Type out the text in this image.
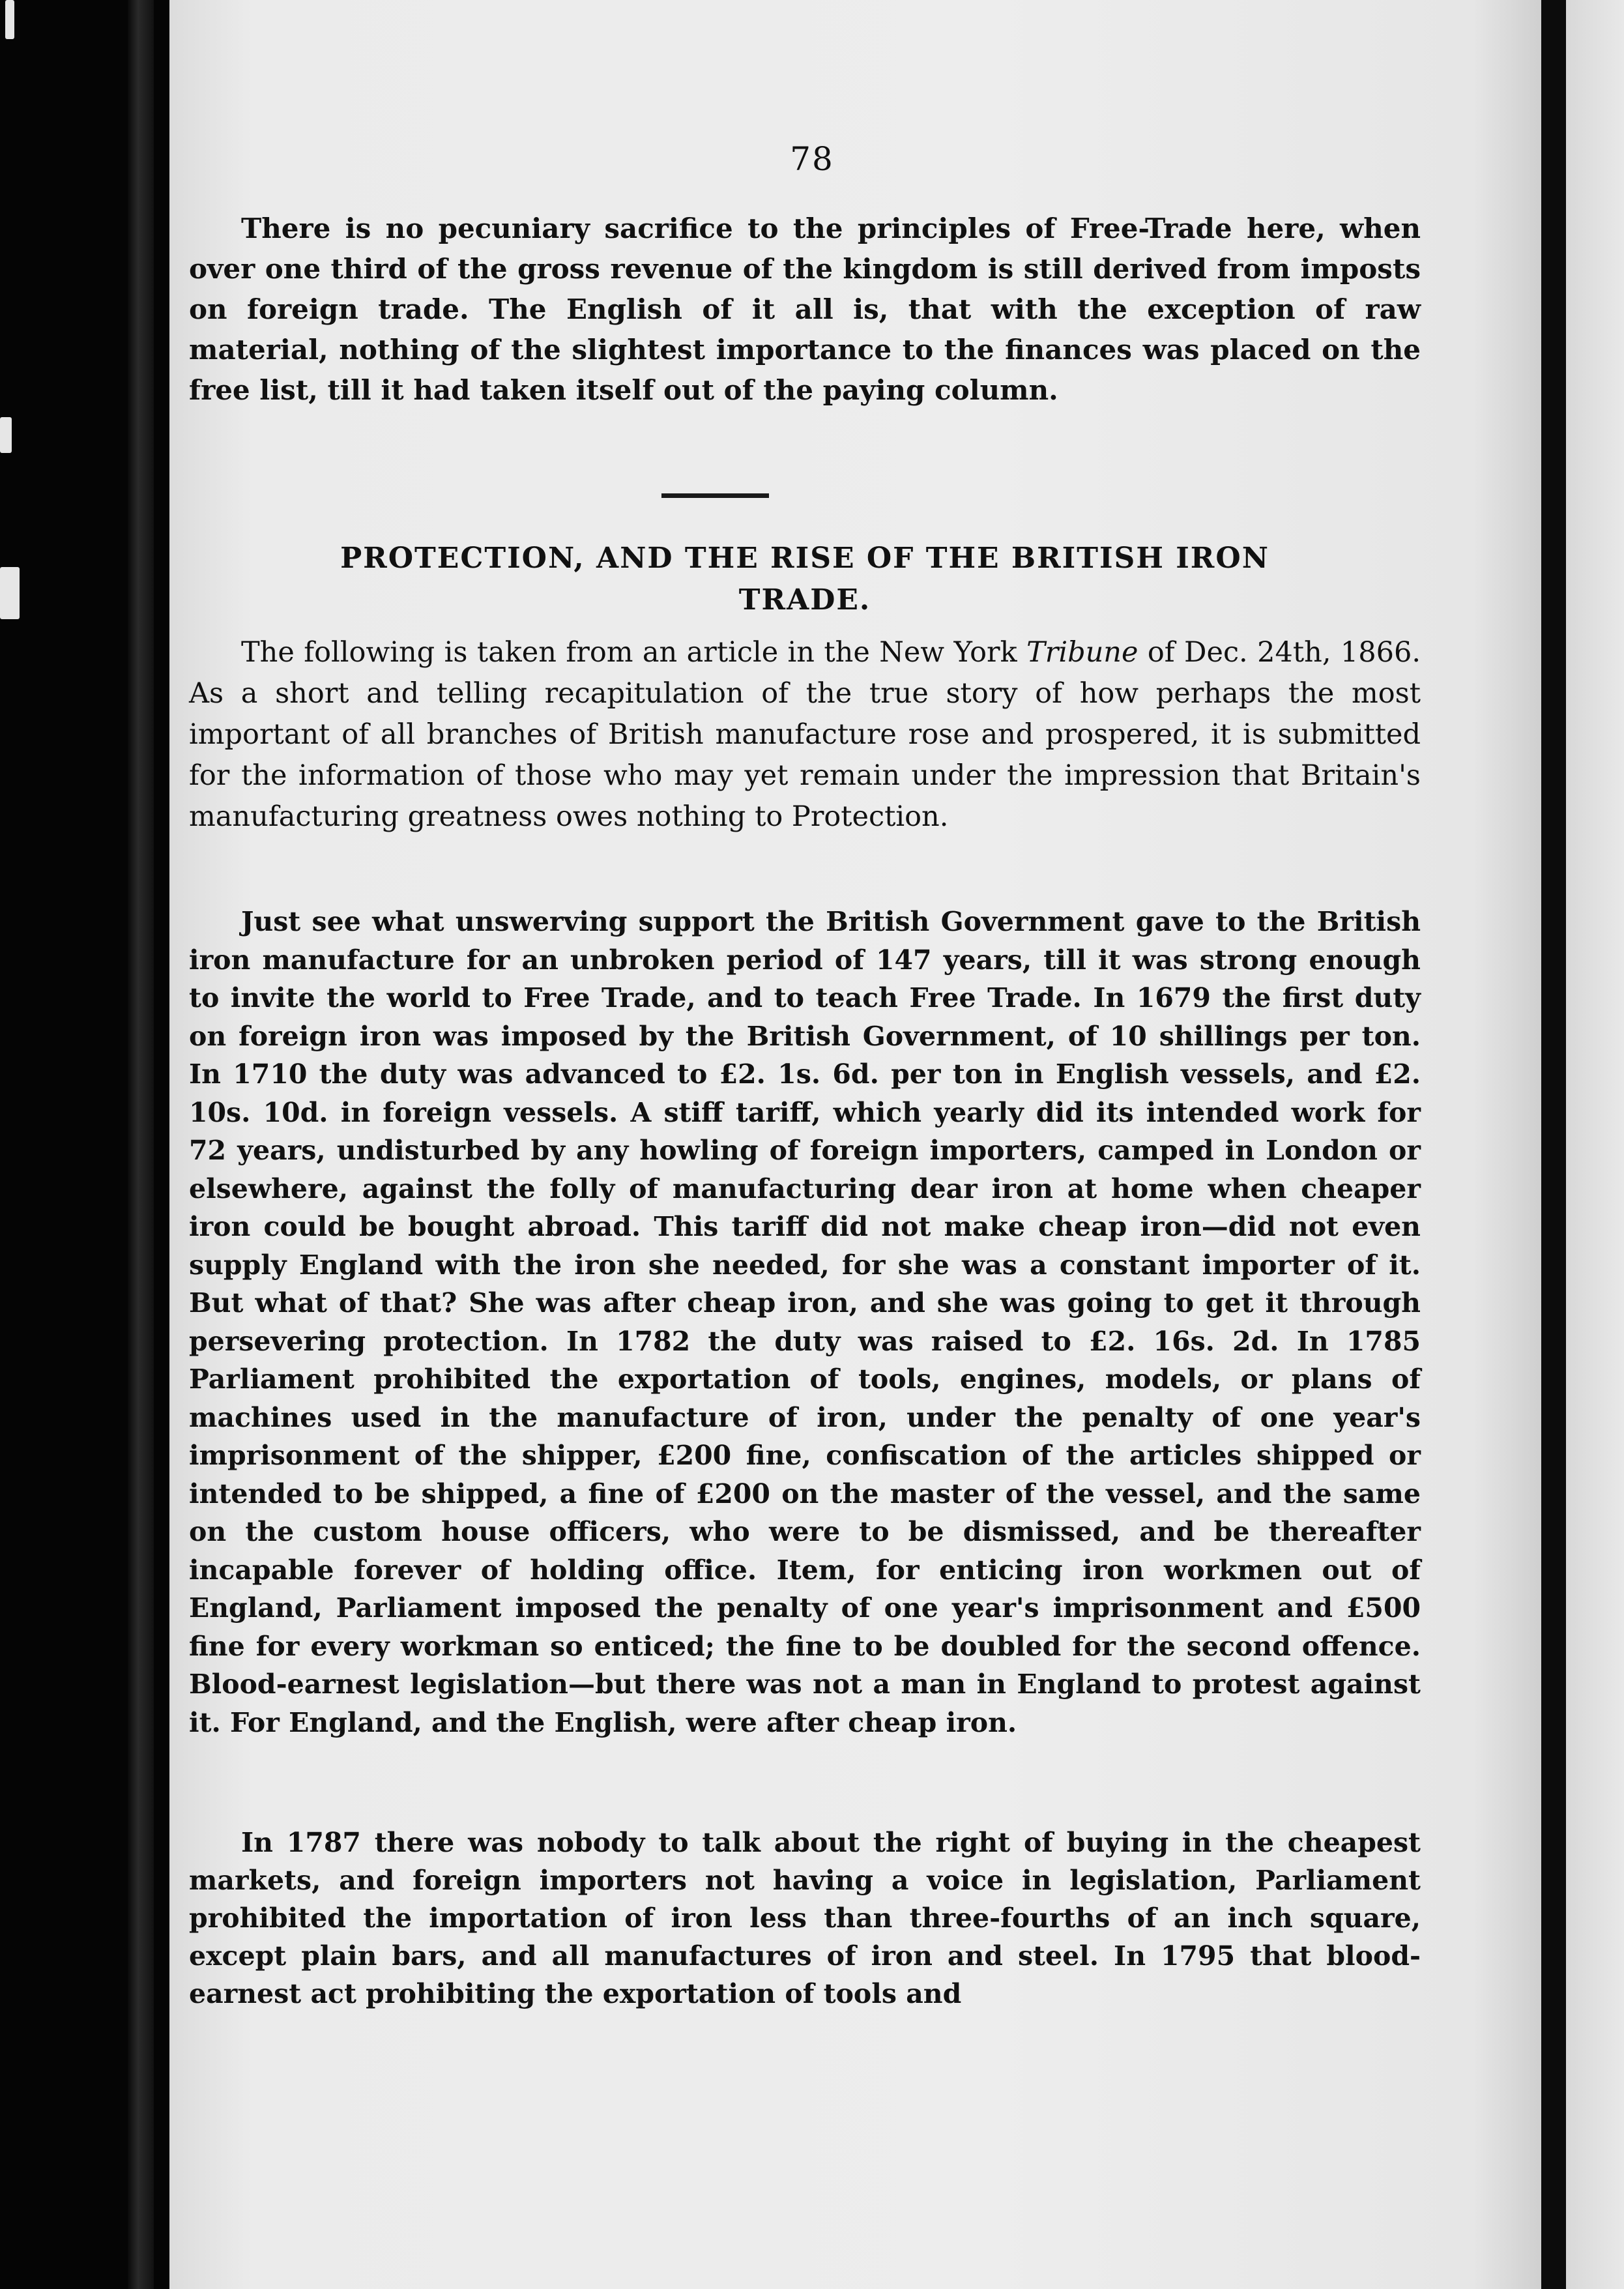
78

There is no pecuniary sacrifice to the principles of Free-Trade here, when over one third of the gross revenue of the kingdom is still derived from imposts on foreign trade. The English of it all is, that with the exception of raw material, nothing of the slightest importance to the finances was placed on the free list, till it had taken itself out of the paying column.

PROTECTION, AND THE RISE OF THE BRITISH IRON
TRADE.

The following is taken from an article in the New York Tribune of Dec. 24th, 1866. As a short and telling recapitulation of the true story of how perhaps the most important of all branches of British manufacture rose and prospered, it is submitted for the information of those who may yet remain under the impression that Britain's manufacturing greatness owes nothing to Protection.

Just see what unswerving support the British Government gave to the British iron manufacture for an unbroken period of 147 years, till it was strong enough to invite the world to Free Trade, and to teach Free Trade. In 1679 the first duty on foreign iron was imposed by the British Government, of 10 shillings per ton. In 1710 the duty was advanced to £2. 1s. 6d. per ton in English vessels, and £2. 10s. 10d. in foreign vessels. A stiff tariff, which yearly did its intended work for 72 years, undisturbed by any howling of foreign importers, camped in London or elsewhere, against the folly of manufacturing dear iron at home when cheaper iron could be bought abroad. This tariff did not make cheap iron—did not even supply England with the iron she needed, for she was a constant importer of it. But what of that? She was after cheap iron, and she was going to get it through persevering protection. In 1782 the duty was raised to £2. 16s. 2d. In 1785 Parliament prohibited the exportation of tools, engines, models, or plans of machines used in the manufacture of iron, under the penalty of one year's imprisonment of the shipper, £200 fine, confiscation of the articles shipped or intended to be shipped, a fine of £200 on the master of the vessel, and the same on the custom house officers, who were to be dismissed, and be thereafter incapable forever of holding office. Item, for enticing iron workmen out of England, Parliament imposed the penalty of one year's imprisonment and £500 fine for every workman so enticed; the fine to be doubled for the second offence. Blood-earnest legislation—but there was not a man in England to protest against it. For England, and the English, were after cheap iron.

In 1787 there was nobody to talk about the right of buying in the cheapest markets, and foreign importers not having a voice in legislation, Parliament prohibited the importation of iron less than three-fourths of an inch square, except plain bars, and all manufactures of iron and steel. In 1795 that blood-earnest act prohibiting the exportation of tools and
